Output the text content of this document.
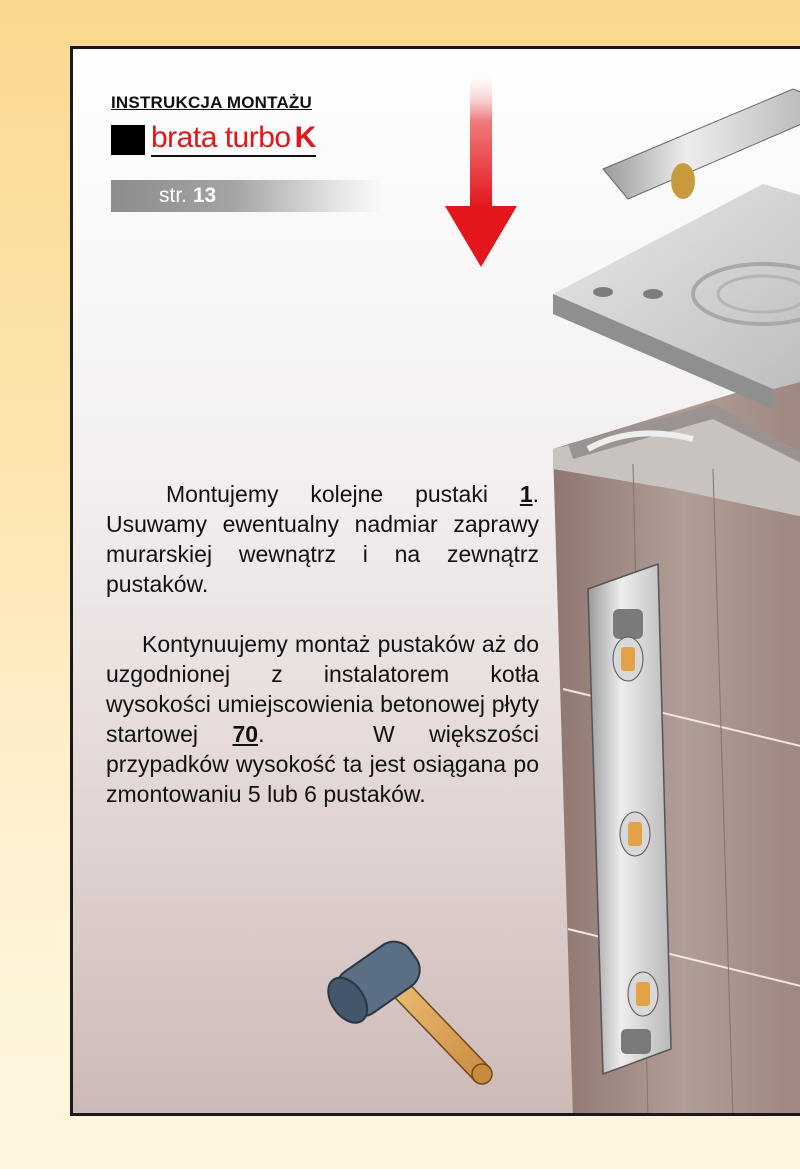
INSTRUKCJA MONTAŻU
brata turbo K
str. 13
Montujemy kolejne pustaki 1. Usuwamy ewentualny nadmiar zaprawy murarskiej wewnątrz i na zewnątrz pustaków.
Kontynuujemy montaż pustaków aż do uzgodnionej z instalatorem kotła wysokości umiejscowienia betonowej płyty startowej 70.	W większości przypadków wysokość ta jest osiągana po zmontowaniu 5 lub 6 pustaków.
